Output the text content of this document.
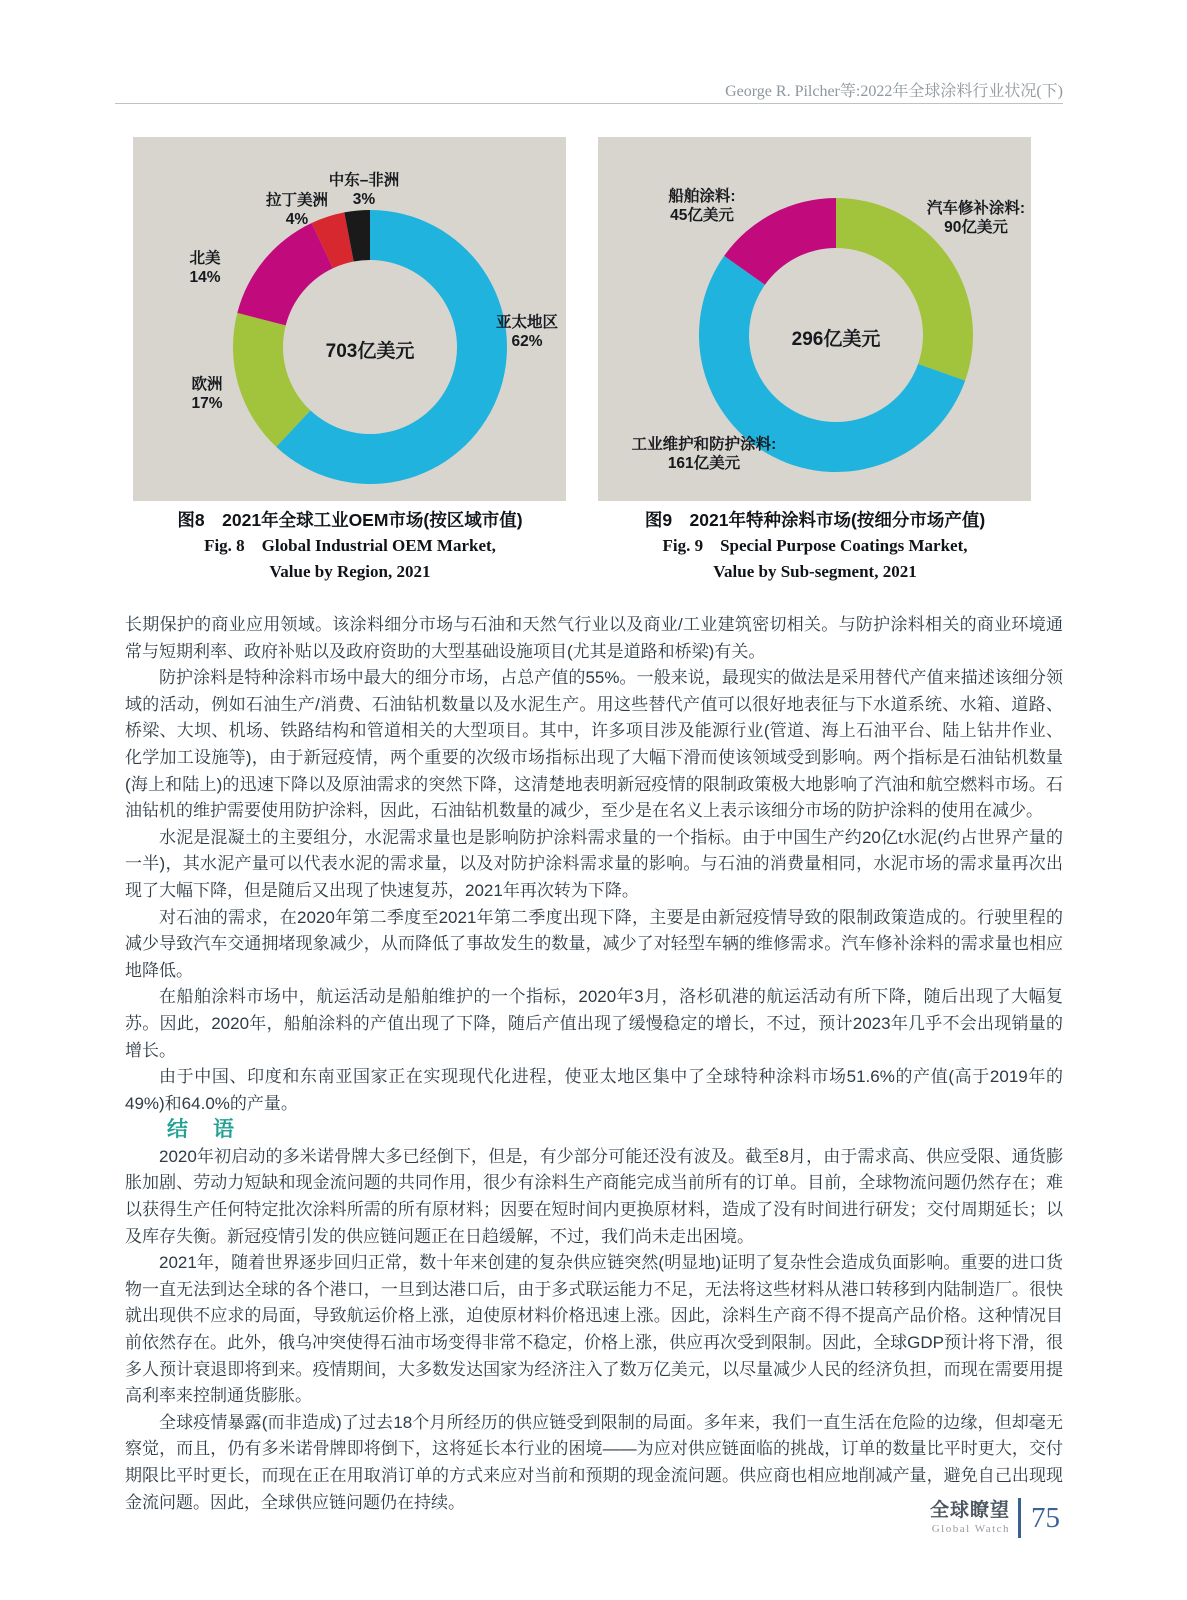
George R. Pilcher等:2022年全球涂料行业状况(下)
中东–非洲
3%
拉丁美洲
4%
北美
14%
欧洲
17%
亚太地区
62%
703亿美元
船舶涂料:
45亿美元	汽车修补涂料:
90亿美元
工业维护和防护涂料:
161亿美元
296亿美元
图8　2021年全球工业OEM市场(按区域市值)
Fig. 8　Global Industrial OEM Market,
Value by Region, 2021
图9　2021年特种涂料市场(按细分市场产值)
Fig. 9　Special Purpose Coatings Market,
Value by Sub-segment, 2021

长期保护的商业应用领域。该涂料细分市场与石油和天然气行业以及商业/工业建筑密切相关。与防护涂料相关的商业环境通常与短期利率、政府补贴以及政府资助的大型基础设施项目(尤其是道路和桥梁)有关。

防护涂料是特种涂料市场中最大的细分市场，占总产值的55%。一般来说，最现实的做法是采用替代产值来描述该细分领域的活动，例如石油生产/消费、石油钻机数量以及水泥生产。用这些替代产值可以很好地表征与下水道系统、水箱、道路、桥梁、大坝、机场、铁路结构和管道相关的大型项目。其中，许多项目涉及能源行业(管道、海上石油平台、陆上钻井作业、化学加工设施等)，由于新冠疫情，两个重要的次级市场指标出现了大幅下滑而使该领域受到影响。两个指标是石油钻机数量(海上和陆上)的迅速下降以及原油需求的突然下降，这清楚地表明新冠疫情的限制政策极大地影响了汽油和航空燃料市场。石油钻机的维护需要使用防护涂料，因此，石油钻机数量的减少，至少是在名义上表示该细分市场的防护涂料的使用在减少。

水泥是混凝土的主要组分，水泥需求量也是影响防护涂料需求量的一个指标。由于中国生产约20亿t水泥(约占世界产量的一半)，其水泥产量可以代表水泥的需求量，以及对防护涂料需求量的影响。与石油的消费量相同，水泥市场的需求量再次出现了大幅下降，但是随后又出现了快速复苏，2021年再次转为下降。

对石油的需求，在2020年第二季度至2021年第二季度出现下降，主要是由新冠疫情导致的限制政策造成的。行驶里程的减少导致汽车交通拥堵现象减少，从而降低了事故发生的数量，减少了对轻型车辆的维修需求。汽车修补涂料的需求量也相应地降低。

在船舶涂料市场中，航运活动是船舶维护的一个指标，2020年3月，洛杉矶港的航运活动有所下降，随后出现了大幅复苏。因此，2020年，船舶涂料的产值出现了下降，随后产值出现了缓慢稳定的增长，不过，预计2023年几乎不会出现销量的增长。

由于中国、印度和东南亚国家正在实现现代化进程，使亚太地区集中了全球特种涂料市场51.6%的产值(高于2019年的49%)和64.0%的产量。

结　语

2020年初启动的多米诺骨牌大多已经倒下，但是，有少部分可能还没有波及。截至8月，由于需求高、供应受限、通货膨胀加剧、劳动力短缺和现金流问题的共同作用，很少有涂料生产商能完成当前所有的订单。目前，全球物流问题仍然存在；难以获得生产任何特定批次涂料所需的所有原材料；因要在短时间内更换原材料，造成了没有时间进行研发；交付周期延长；以及库存失衡。新冠疫情引发的供应链问题正在日趋缓解，不过，我们尚未走出困境。

2021年，随着世界逐步回归正常，数十年来创建的复杂供应链突然(明显地)证明了复杂性会造成负面影响。重要的进口货物一直无法到达全球的各个港口，一旦到达港口后，由于多式联运能力不足，无法将这些材料从港口转移到内陆制造厂。很快就出现供不应求的局面，导致航运价格上涨，迫使原材料价格迅速上涨。因此，涂料生产商不得不提高产品价格。这种情况目前依然存在。此外，俄乌冲突使得石油市场变得非常不稳定，价格上涨，供应再次受到限制。因此，全球GDP预计将下滑，很多人预计衰退即将到来。疫情期间，大多数发达国家为经济注入了数万亿美元，以尽量减少人民的经济负担，而现在需要用提高利率来控制通货膨胀。

全球疫情暴露(而非造成)了过去18个月所经历的供应链受到限制的局面。多年来，我们一直生活在危险的边缘，但却毫无察觉，而且，仍有多米诺骨牌即将倒下，这将延长本行业的困境——为应对供应链面临的挑战，订单的数量比平时更大，交付期限比平时更长，而现在正在用取消订单的方式来应对当前和预期的现金流问题。供应商也相应地削减产量，避免自己出现现金流问题。因此，全球供应链问题仍在持续。	全球瞭望
Global Watch 75
